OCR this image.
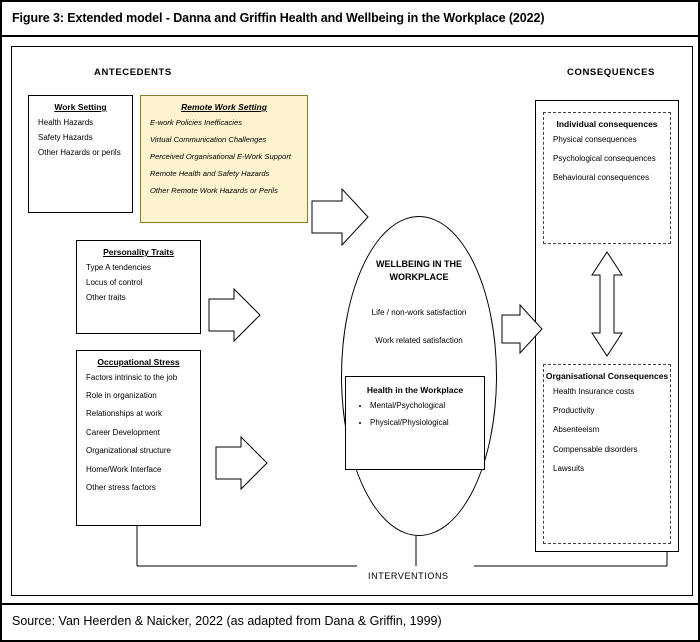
Figure 3: Extended model - Danna and Griffin Health and Wellbeing in the Workplace (2022)
ANTECEDENTS	CONSEQUENCES
Work Setting
Health Hazards
Safety Hazards
Other Hazards or perils
Remote Work Setting
E-work Policies Inefficacies
Virtual Communication Challenges
Perceived Organisational E-Work Support
Remote Health and Safety Hazards
Other Remote Work Hazards or Perils
Personality Traits
Type A tendencies
Locus of control
Other traits
Occupational Stress
Factors intrinsic to the job
Role in organization
Relationships at work
Career Development
Organizational structure
Home/Work Interface
Other stress factors
WELLBEING IN THE WORKPLACE
Life / non-work satisfaction
Work related satisfaction
Health in the Workplace
• Mental/Psychological
• Physical/Physiological
Individual consequences
Physical consequences
Psychological consequences
Behavioural consequences
Organisational Consequences
Health Insurance costs
Productivity
Absenteeism
Compensable disorders
Lawsuits
INTERVENTIONS
Source: Van Heerden & Naicker, 2022 (as adapted from Dana & Griffin, 1999)
